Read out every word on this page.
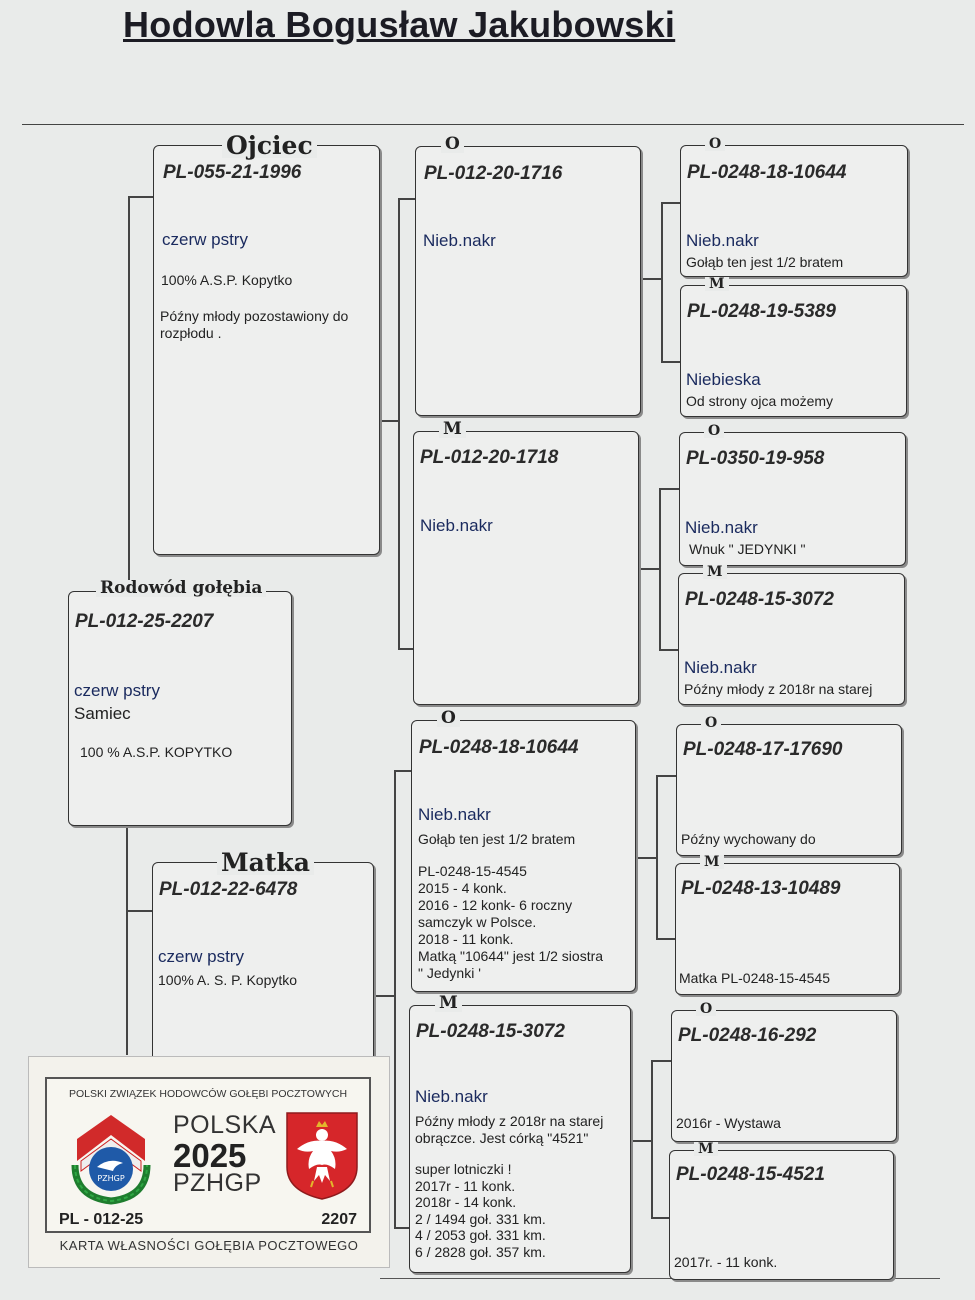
Hodowla Bogusław Jakubowski
Rodowód gołębia
PL-012-25-2207
czerw pstry
Samiec
100 % A.S.P. KOPYTKO
Ojciec
PL-055-21-1996
czerw pstry
100% A.S.P. Kopytko
Późny młody pozostawiony do rozpłodu .
Matka
PL-012-22-6478
czerw pstry
100% A. S. P. Kopytko
O
PL-012-20-1716
Nieb.nakr
M
PL-012-20-1718
Nieb.nakr
O
PL-0248-18-10644
Nieb.nakr
Gołąb ten jest 1/2 bratem
PL-0248-15-4545
2015 - 4 konk.
2016 - 12 konk- 6 roczny
samczyk w Polsce.
2018 - 11 konk.
Matką "10644" jest 1/2 siostra
" Jedynki '
M
PL-0248-15-3072
Nieb.nakr
Późny młody z 2018r na starej
obrączce. Jest córką "4521"
super lotniczki !
2017r - 11 konk.
2018r - 14 konk.
2 / 1494 goł. 331 km.
4 / 2053 goł. 331 km.
6 / 2828 goł. 357 km.
O
PL-0248-18-10644
Nieb.nakr
Gołąb ten jest 1/2 bratem
M
PL-0248-19-5389
Niebieska
Od strony ojca możemy
O
PL-0350-19-958
Nieb.nakr
Wnuk " JEDYNKI "
M
PL-0248-15-3072
Nieb.nakr
Późny młody z 2018r na starej
O
PL-0248-17-17690
Późny wychowany do
M
PL-0248-13-10489
Matka PL-0248-15-4545
O
PL-0248-16-292
2016r - Wystawa
M
PL-0248-15-4521
2017r. - 11 konk.
POLSKI ZWIĄZEK HODOWCÓW GOŁĘBI POCZTOWYCH
PZHGP
POLSKA
2025
PZHGP
PL - 012-25	2207
KARTA WŁASNOŚCI GOŁĘBIA POCZTOWEGO
